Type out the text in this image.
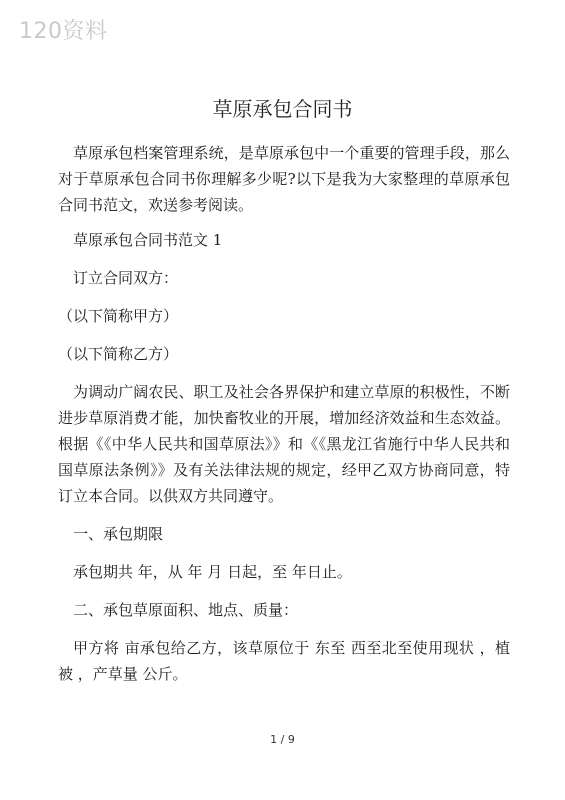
120资料
草原承包合同书

草原承包档案管理系统，是草原承包中一个重要的管理手段，那么对于草原承包合同书你理解多少呢?以下是我为大家整理的草原承包合同书范文，欢送参考阅读。

草原承包合同书范文 1

订立合同双方：

（以下简称甲方）

（以下简称乙方）

为调动广阔农民、职工及社会各界保护和建立草原的积极性，不断进步草原消费才能，加快畜牧业的开展，增加经济效益和生态效益。根据《《中华人民共和国草原法》》和《《黑龙江省施行中华人民共和国草原法条例》》及有关法律法规的规定，经甲乙双方协商同意，特订立本合同。以供双方共同遵守。

一、承包期限

承包期共 年，从 年 月 日起，至 年日止。

二、承包草原面积、地点、质量：

甲方将 亩承包给乙方，该草原位于 东至 西至北至使用现状 ，植被 ，产草量 公斤。

1 / 9
